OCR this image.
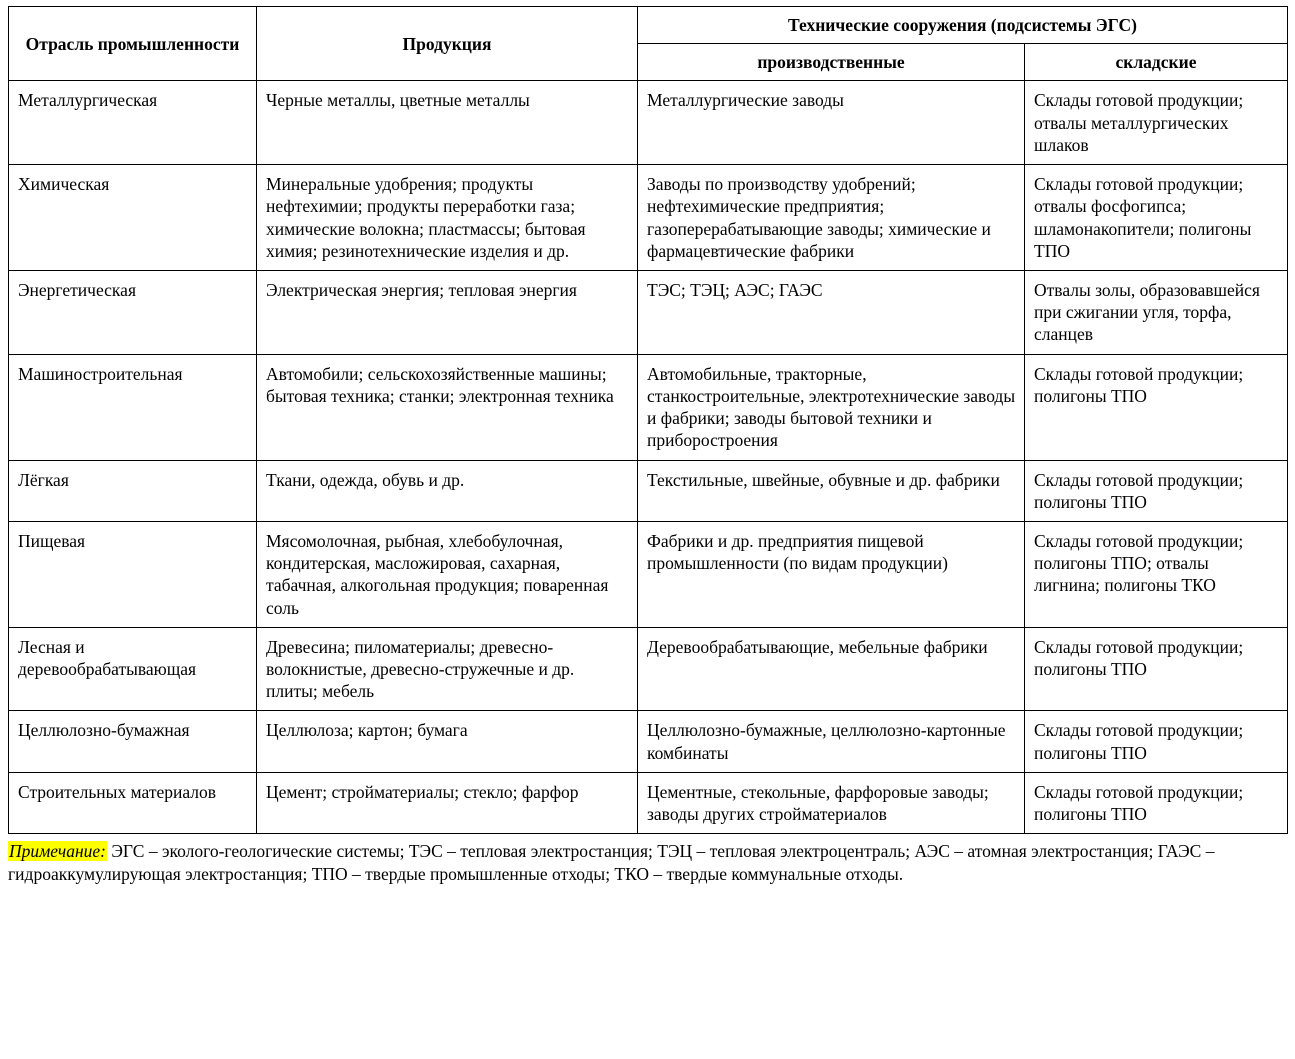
Отрасль промышленности	Продукция	Технические сооружения (подсистемы ЭГС)	
		производственные	складские
Металлургическая	Черные металлы, цветные металлы	Металлургические заводы	Склады готовой продукции; отвалы металлургических шлаков
Химическая	Минеральные удобрения; продукты нефтехимии; продукты переработки газа; химические волокна; пластмассы; бытовая химия; резинотехнические изделия и др.	Заводы по производству удобрений; нефтехимические предприятия; газоперерабатывающие заводы; химические и фармацевтические фабрики	Склады готовой продукции; отвалы фосфогипса; шламонакопители; полигоны ТПО
Энергетическая	Электрическая энергия; тепловая энергия	ТЭС; ТЭЦ; АЭС; ГАЭС	Отвалы золы, образовавшейся при сжигании угля, торфа, сланцев
Машиностроительная	Автомобили; сельскохозяйственные машины; бытовая техника; станки; электронная техника	Автомобильные, тракторные, станкостроительные, электротехнические заводы и фабрики; заводы бытовой техники и приборостроения	Склады готовой продукции; полигоны ТПО
Лёгкая	Ткани, одежда, обувь и др.	Текстильные, швейные, обувные и др. фабрики	Склады готовой продукции; полигоны ТПО
Пищевая	Мясомолочная, рыбная, хлебобулочная, кондитерская, масложировая, сахарная, табачная, алкогольная продукция; поваренная соль	Фабрики и др. предприятия пищевой промышленности (по видам продукции)	Склады готовой продукции; полигоны ТПО; отвалы лигнина; полигоны ТКО
Лесная и деревообрабатывающая	Древесина; пиломатериалы; древесно-волокнистые, древесно-стружечные и др. плиты; мебель	Деревообрабатывающие, мебельные фабрики	Склады готовой продукции; полигоны ТПО
Целлюлозно-бумажная	Целлюлоза; картон; бумага	Целлюлозно-бумажные, целлюлозно-картонные комбинаты	Склады готовой продукции; полигоны ТПО
Строительных материалов	Цемент; стройматериалы; стекло; фарфор	Цементные, стекольные, фарфоровые заводы; заводы других стройматериалов	Склады готовой продукции; полигоны ТПО
Примечание: ЭГС – эколого-геологические системы; ТЭС – тепловая электростанция; ТЭЦ – тепловая электроцентраль; АЭС – атомная электростанция; ГАЭС – гидроаккумулирующая электростанция; ТПО – твердые промышленные отходы; ТКО – твердые коммунальные отходы.
